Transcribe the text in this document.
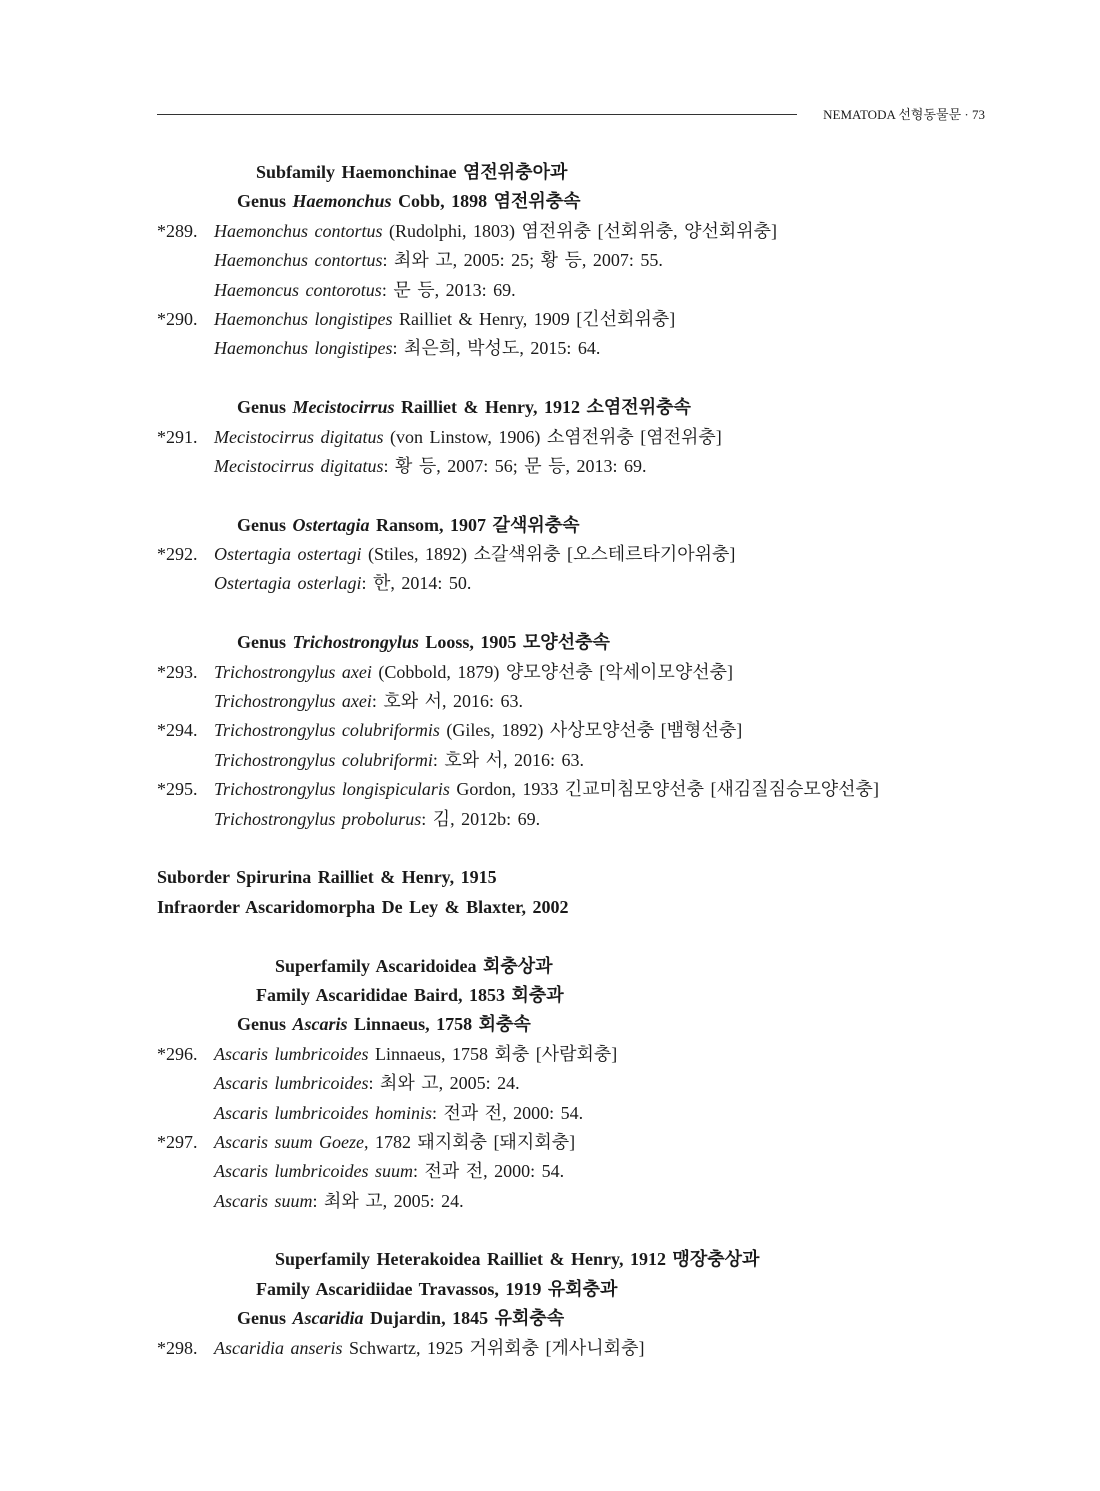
NEMATODA 선형동물문 · 73
Subfamily Haemonchinae 염전위충아과
Genus Haemonchus Cobb, 1898 염전위충속
*289. Haemonchus contortus (Rudolphi, 1803) 염전위충 [선회위충, 양선회위충]
Haemonchus contortus: 최와 고, 2005: 25; 황 등, 2007: 55.
Haemoncus contorotus: 문 등, 2013: 69.
*290. Haemonchus longistipes Railliet & Henry, 1909 [긴선회위충]
Haemonchus longistipes: 최은희, 박성도, 2015: 64.
Genus Mecistocirrus Railliet & Henry, 1912 소염전위충속
*291. Mecistocirrus digitatus (von Linstow, 1906) 소염전위충 [염전위충]
Mecistocirrus digitatus: 황 등, 2007: 56; 문 등, 2013: 69.
Genus Ostertagia Ransom, 1907 갈색위충속
*292. Ostertagia ostertagi (Stiles, 1892) 소갈색위충 [오스테르타기아위충]
Ostertagia osterlagi: 한, 2014: 50.
Genus Trichostrongylus Looss, 1905 모양선충속
*293. Trichostrongylus axei (Cobbold, 1879) 양모양선충 [악세이모양선충]
Trichostrongylus axei: 호와 서, 2016: 63.
*294. Trichostrongylus colubriformis (Giles, 1892) 사상모양선충 [뱀형선충]
Trichostrongylus colubriformi: 호와 서, 2016: 63.
*295. Trichostrongylus longispicularis Gordon, 1933 긴교미침모양선충 [새김질짐승모양선충]
Trichostrongylus probolurus: 김, 2012b: 69.
Suborder Spirurina Railliet & Henry, 1915
Infraorder Ascaridomorpha De Ley & Blaxter, 2002
Superfamily Ascaridoidea 회충상과
Family Ascarididae Baird, 1853 회충과
Genus Ascaris Linnaeus, 1758 회충속
*296. Ascaris lumbricoides Linnaeus, 1758 회충 [사람회충]
Ascaris lumbricoides: 최와 고, 2005: 24.
Ascaris lumbricoides hominis: 전과 전, 2000: 54.
*297. Ascaris suum Goeze, 1782 돼지회충 [돼지회충]
Ascaris lumbricoides suum: 전과 전, 2000: 54.
Ascaris suum: 최와 고, 2005: 24.
Superfamily Heterakoidea Railliet & Henry, 1912 맹장충상과
Family Ascaridiidae Travassos, 1919 유회충과
Genus Ascaridia Dujardin, 1845 유회충속
*298. Ascaridia anseris Schwartz, 1925 거위회충 [게사니회충]
